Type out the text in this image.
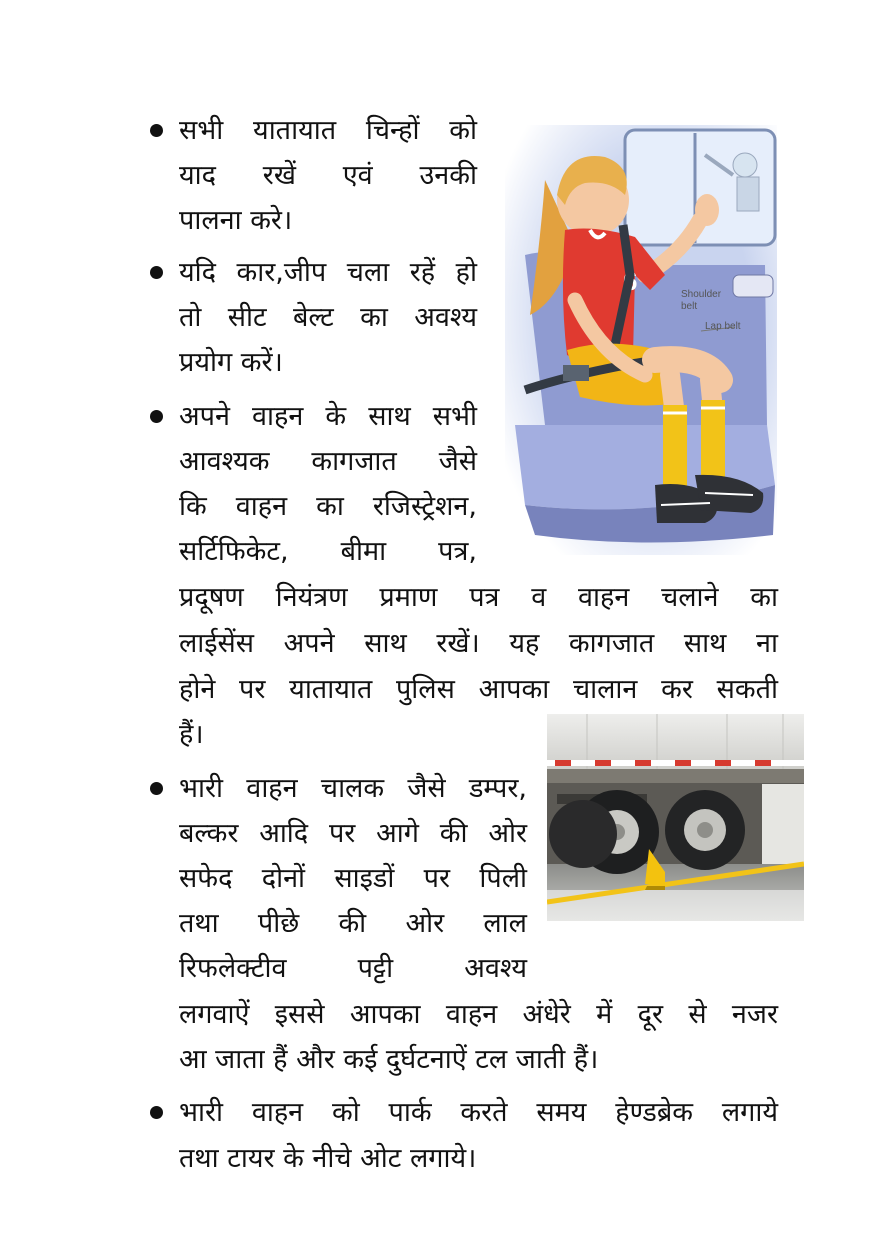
सभी यातायात चिन्हों को
याद रखें एवं उनकी
पालना करे।
यदि कार,जीप चला रहें हो
तो सीट बेल्ट का अवश्य
प्रयोग करें।
अपने वाहन के साथ सभी
आवश्यक कागजात जैसे
कि वाहन का रजिस्ट्रेशन,
सर्टिफिकेट, बीमा पत्र,
प्रदूषण नियंत्रण प्रमाण पत्र व वाहन चलाने का
लाईसेंस अपने साथ रखें। यह कागजात साथ ना
होने पर यातायात पुलिस आपका चालान कर सकती
हैं।
भारी वाहन चालक जैसे डम्पर,
बल्कर आदि पर आगे की ओर
सफेद दोनों साइडों पर पिली
तथा पीछे की ओर लाल
रिफलेक्टीव पट्टी अवश्य
लगवाऐं इससे आपका वाहन अंधेरे में दूर से नजर
आ जाता हैं और कई दुर्घटनाऐं टल जाती हैं।
भारी वाहन को पार्क करते समय हेण्डब्रेक लगाये
तथा टायर के नीचे ओट लगाये।
6	Shoulder
belt
Lap belt
